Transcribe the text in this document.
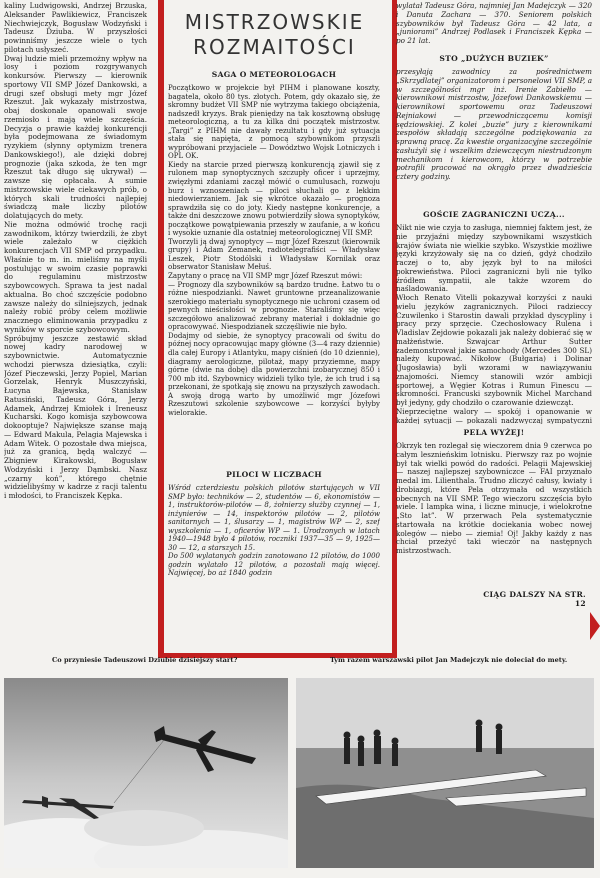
kaliny Ludwigowski, Andrzej Brzuska, Aleksander Pawlikiewicz, Franciszek Niechwiejczyk, Bogusław Wodzyński i Tadeusz Dziuba. W przyszłości powinniśmy jeszcze wiele o tych pilotach usłyszeć.
Dwaj ludzie mieli przemożny wpływ na losy i poziom rozgrywanych konkursów. Pierwszy — kierownik sportowy VII SMP Józef Dankowski, a drugi szef obsługi mety mgr Józef Rzeszut. Jak wykazały mistrzostwa, obaj doskonale opanowali swoje rzemiosło i mają wiele szczęścia. Decyzja o prawie każdej konkurencji była podejmowana ze świadomym ryzykiem (słynny optymizm trenera Dankowskiego!), ale dzięki dobrej prognozie (jaka szkoda, że ten mgr Rzeszut tak długo się ukrywał) — zawsze się opłacała. A sumie mistrzowskie wiele ciekawych prób, o których skali trudności najlepiej świadczą małe liczby pilotów dolatujących do mety.
Nie można odmówić trochę racji zawodnikom, którzy twierdzili, że zbyt wiele zależało w ciężkich konkurencjach VII SMP od przypadku. Właśnie to m. in. mieliśmy na myśli postulując w swoim czasie poprawki do regulaminu mistrzostw szybowcowych. Sprawa ta jest nadal aktualna. Bo choć szczęście podobno zawsze należy do silniejszych, jednak należy robić próby celem możliwie znacznego eliminowania przypadku z wyników w sporcie szybowcowym.
Spróbujmy jeszcze zestawić skład nowej kadry narodowej w szybownictwie. Automatycznie wchodzi pierwsza dziesiątka, czyli: Józef Pieczewski, Jerzy Popiel, Marian Gorzelak, Henryk Muszczyński, Łucyna Bajewska, Stanisław Ratusiński, Tadeusz Góra, Jerzy Adamek, Andrzej Kmiołek i Ireneusz Kucharski. Kogo komisja szybowcowa dokooptuje? Największe szanse mają — Edward Makula, Pelagia Majewska i Adam Witek. O pozostałe dwa miejsca, już za granicą, będą walczyć — Zbigniew Kirakowski, Bogusław Wodzyński i Jerzy Dąmbski. Nasz „czarny koń”, którego chętnie widzielibyśmy w kadrze z racji talentu i młodości, to Franciszek Kępka.
MISTRZOWSKIE
ROZMAITOŚCI
SAGA O METEOROLOGACH
Początkowo w projekcie był PIHM i planowane koszty, bagatela, około 80 tys. złotych. Potem, gdy okazało się, że skromny budżet VII SMP nie wytrzyma takiego obciążenia, nadszedł kryzys. Brak pieniędzy na tak kosztowną obsługę meteorologiczną, a tu za kilka dni początek mistrzostw. „Targi” z PIHM nie dawały rezultatu i gdy już sytuacja stała się napięta, z pomocą szybownikom przyszli wypróbowani przyjaciele — Dowództwo Wojsk Lotniczych i OPL OK.
Kiedy na starcie przed pierwszą konkurencją zjawił się z rulonem map synoptycznych szczupły oficer i uprzejmy, zwięzłymi zdaniami zaczął mówić o cumulusach, rozwoju burz i wznoszeniach — piloci słuchali go z lekkim niedowierzaniem. Jak się wkrótce okazało — prognoza sprawdziła się co do joty. Kiedy następne konkurencje, a także dni deszczowe znowu potwierdziły słowa synoptyków, początkowe powątpiewania przeszły w zaufanie, a w końcu i wysokie uznanie dla ostatniej meteorologicznej VII SMP.
Tworzyli ją dwaj synoptycy — mgr Józef Rzeszut (kierownik grupy) i Adam Zemanek, radiotelegrafiści — Władysław Leszek, Piotr Stodólski i Władysław Kornilak oraz obserwator Stanisław Mełuś.
Zapytany o pracę na VII SMP mgr Józef Rzeszut mówi:
— Prognozy dla szybowników są bardzo trudne. Łatwo tu o różne niespodzianki. Nawet gruntowne przeanalizowanie szerokiego materiału synoptycznego nie uchroni czasem od pewnych nieścisłości w prognozie. Staraliśmy się więc szczegółowo analizować zebrany materiał i dokładnie go opracowywać. Niespodzianek szczęśliwie nie było.
Dodajmy od siebie, że synoptycy pracowali od świtu do późnej nocy opracowując mapy główne (3—4 razy dziennie) dla całej Europy i Atlantyku, mapy ciśnień (do 10 dziennie), diagramy aerologiczne, pilotaż, mapy przyziemne, mapy górne (dwie na dobę) dla powierzchni izobarycznej 850 i 700 mb itd. Szybownicy widzieli tylko tyle, że ich trud i są przekonani, że spotkają się znowu na przyszłych zawodach. A swoją drogą warto by umożliwić mgr Józefowi Rzeszutowi szkolenie szybowcowe — korzyści byłyby wielorakie.
PILOCI W LICZBACH
Wśród czterdziestu polskich pilotów startujących w VII SMP było: techników — 2, studentów — 6, ekonomistów — 1, instruktorów-pilotów — 8, żołnierzy służby czynnej — 1, inżynierów — 14, inspektorów pilotów — 2, pilotów sanitarnych — 1, ślusarzy — 1, magistrów WP — 2, szef wyszkolenia — 1, oficerów WP — 1. Urodzonych w latach 1940—1948 było 4 pilotów, roczniki 1937—35 — 9, 1925—30 — 12, a starszych 15.
Do 500 wylatanych godzin zanotowano 12 pilotów, do 1000 godzin wylatało 12 pilotów, a pozostali mają więcej. Najwięcej, bo aż 1840 godzin
wylatał Tadeusz Góra, najmniej Jan Madejczyk — 320 i Danuta Zachara — 370. Seniorem polskich szybowników był Tadeusz Góra — 42 lata, a „juniorami” Andrzej Podlasek i Franciszek Kępka — po 21 lat.
STO „DUŻYCH BUZIEK”
przesyłają zawodnicy za pośrednictwem „Skrzydlatej” organizatorom i personelowi VII SMP, a w szczególności mgr inż. Irenie Zabiełło — kierownikowi mistrzostw, Józefowi Dankowskiemu — kierownikowi sportowemu oraz Tadeuszowi Rejniakowi — przewodniczącemu komisji sędziowskiej. Z kolei „buzie” jury z kierownikami zespołów składają szczególne podziękowania za sprawną pracę. Za kwestie organizacyjne szczególnie zasłużyli się i wszelkim dziewczęcym niestrudzonym mechanikom i kierowcom, którzy w potrzebie potrafili pracować na okrągło przez dwadzieścia cztery godziny.
GOŚCIE ZAGRANICZNI UCZĄ...
Nikt nie wie czyja to zasługa, niemniej faktem jest, że nie przyjaźni między szybownikami wszystkich krajów świata nie wielkie szybko. Wszystkie możliwe języki krzyżowały się na co dzień, gdyż chodziło raczej o to, aby język był to na miłości pokrewieństwa. Piloci zagraniczni byli nie tylko źródłem sympatii, ale także wzorem do naśladowania.
Włoch Renato Vitelli pokazywał korzyści z nauki wielu języków zagranicznych. Piloci radzieccy Czuwilenko i Starostin dawali przykład dyscypliny i pracy przy sprzęcie. Czechosłowacy Rulena i Vladislav Zejdowie pokazali jak należy dobierać się w małżeństwie. Szwajcar Arthur Sutter zademonstrował jakie samochody (Mercedes 300 SL) należy kupować. Nikołow (Bułgaria) i Dolinar (Jugosławia) byli wzorami w nawiązywaniu znajomości. Niemcy stanowili wzór ambicji sportowej, a Węgier Kotras i Rumun Finescu — skromności. Francuski szybownik Michel Marchand był jedyny, gdy chodziło o czarowanie dziewcząt.
Nieprzeciętne walory — spokój i opanowanie w każdej sytuacji — pokazali nadzwyczaj sympatyczni
PELA WYŻEJ!
Okrzyk ten rozlegał się wieczorem dnia 9 czerwca po całym lesznieńskim lotnisku. Pierwszy raz po wojnie był tak wielki powód do radości. Pelagii Majewskiej — naszej najlepszej szybowniczce — FAI przyznało medal im. Lilienthala. Trudno zliczyć całusy, kwiaty i drobiazgi, które Pela otrzymała od wszystkich obecnych na VII SMP. Tego wieczoru szczęścia było wiele. I lampka wina, i liczne minucje, i wielokrotne „Sto lat”. W przerwach Pela systematycznie startowała na krótkie dociekania wobec nowej kolegów — niebo — ziemia! Oj! Jakby każdy z nas chciał przeżyć taki wieczór na następnych mistrzostwach.
CIĄG DALSZY NA STR. 12
Co przyniesie Tadeuszowi Dziubie dzisiejszy start?	Tym razem warszawski pilot Jan Madejczyk nie doleciał do mety.
